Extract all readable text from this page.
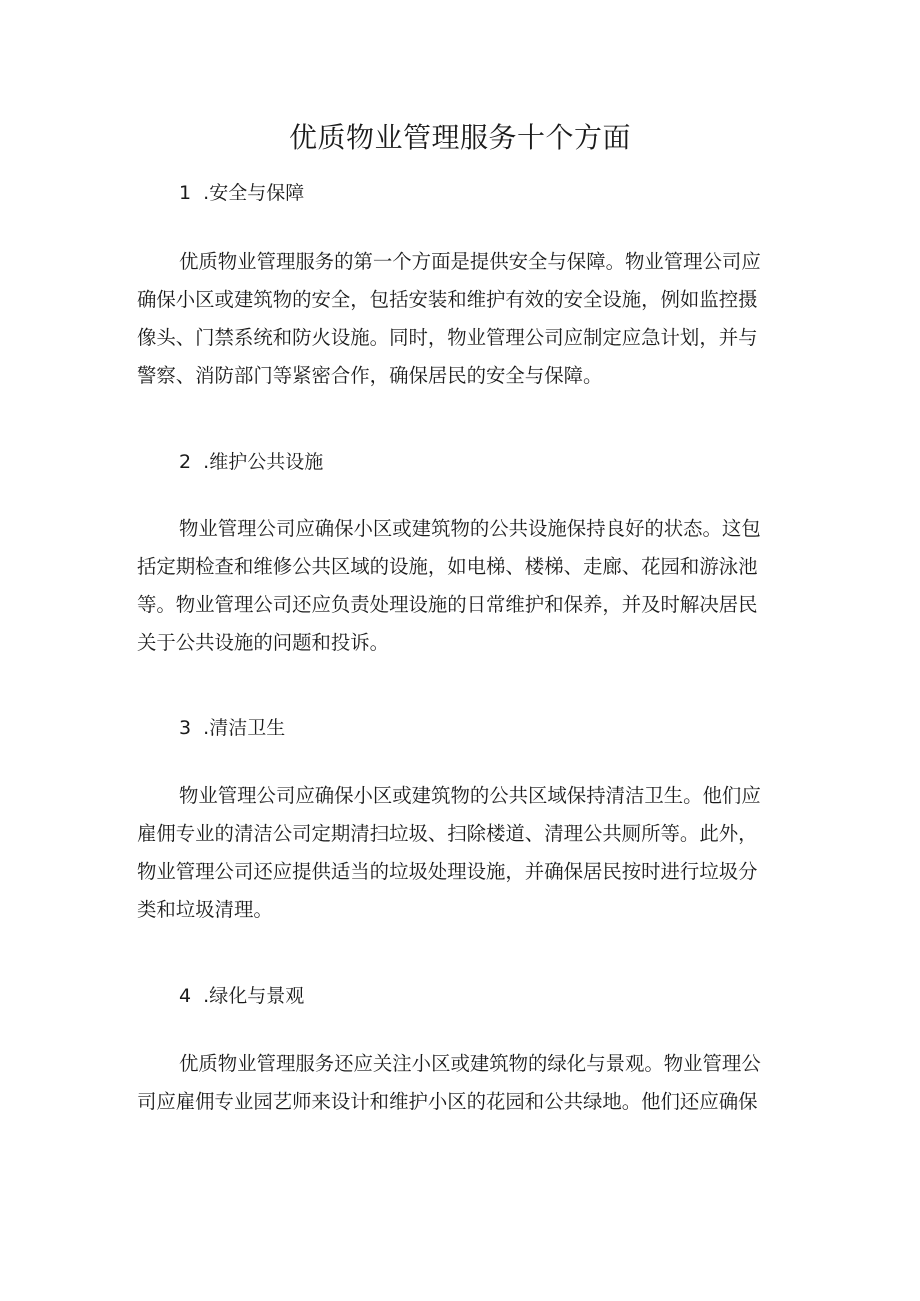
优质物业管理服务十个方面
1  .安全与保障

优质物业管理服务的第一个方面是提供安全与保障。物业管理公司应
确保小区或建筑物的安全，包括安装和维护有效的安全设施，例如监控摄
像头、门禁系统和防火设施。同时，物业管理公司应制定应急计划，并与
警察、消防部门等紧密合作，确保居民的安全与保障。

2  .维护公共设施

物业管理公司应确保小区或建筑物的公共设施保持良好的状态。这包
括定期检查和维修公共区域的设施，如电梯、楼梯、走廊、花园和游泳池
等。物业管理公司还应负责处理设施的日常维护和保养，并及时解决居民
关于公共设施的问题和投诉。

3  .清洁卫生

物业管理公司应确保小区或建筑物的公共区域保持清洁卫生。他们应
雇佣专业的清洁公司定期清扫垃圾、扫除楼道、清理公共厕所等。此外，
物业管理公司还应提供适当的垃圾处理设施，并确保居民按时进行垃圾分
类和垃圾清理。

4  .绿化与景观

优质物业管理服务还应关注小区或建筑物的绿化与景观。物业管理公
司应雇佣专业园艺师来设计和维护小区的花园和公共绿地。他们还应确保
